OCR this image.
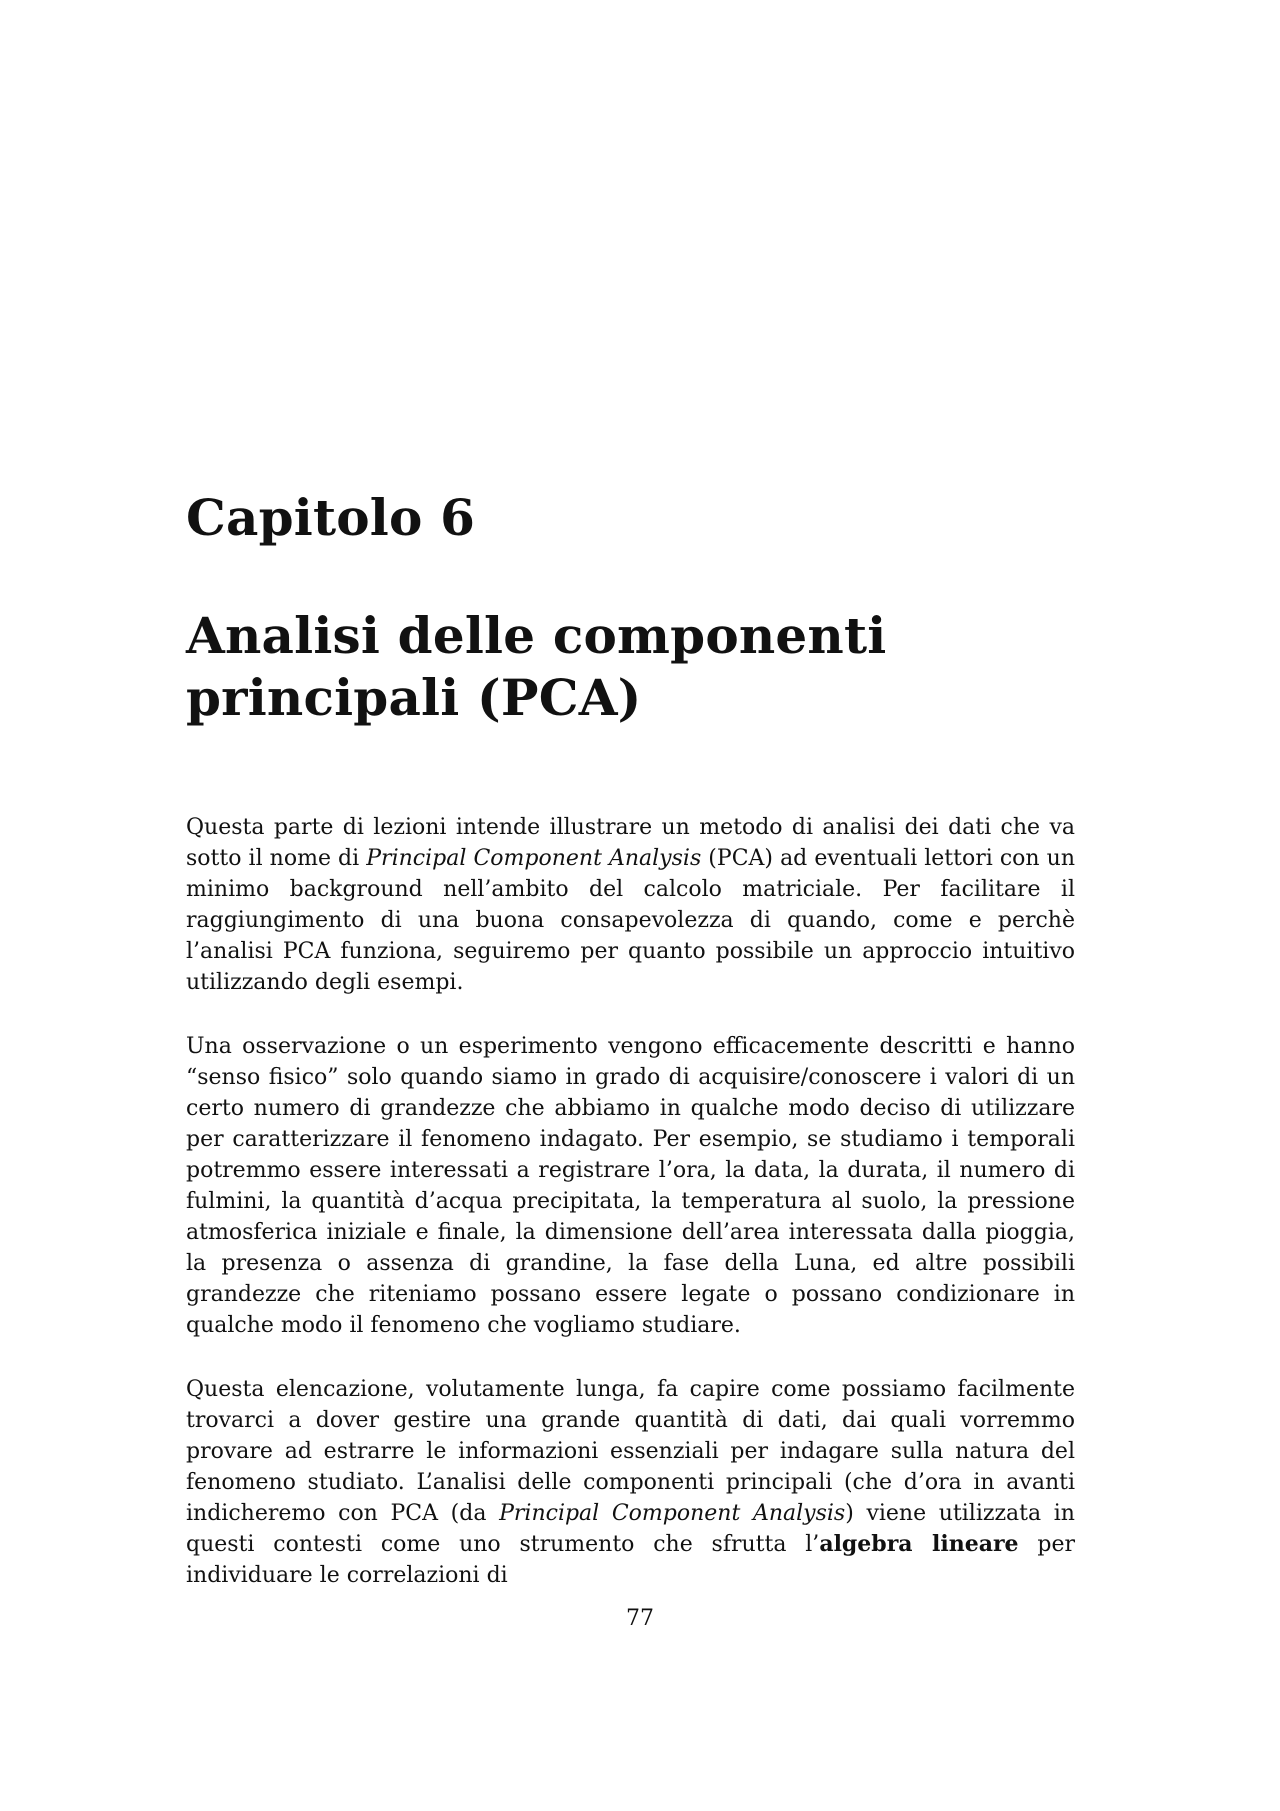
Capitolo 6
Analisi delle componenti principali (PCA)

Questa parte di lezioni intende illustrare un metodo di analisi dei dati che va sotto il nome di Principal Component Analysis (PCA) ad eventuali lettori con un minimo background nell’ambito del calcolo matriciale. Per facilitare il raggiungimento di una buona consapevolezza di quando, come e perchè l’analisi PCA funziona, seguiremo per quanto possibile un approccio intuitivo utilizzando degli esempi.

Una osservazione o un esperimento vengono efficacemente descritti e hanno “senso fisico” solo quando siamo in grado di acquisire/conoscere i valori di un certo numero di grandezze che abbiamo in qualche modo deciso di utilizzare per caratterizzare il fenomeno indagato. Per esempio, se studiamo i temporali potremmo essere interessati a registrare l’ora, la data, la durata, il numero di fulmini, la quantità d’acqua precipitata, la temperatura al suolo, la pressione atmosferica iniziale e finale, la dimensione dell’area interessata dalla pioggia, la presenza o assenza di grandine, la fase della Luna, ed altre possibili grandezze che riteniamo possano essere legate o possano condizionare in qualche modo il fenomeno che vogliamo studiare.

Questa elencazione, volutamente lunga, fa capire come possiamo facilmente trovarci a dover gestire una grande quantità di dati, dai quali vorremmo provare ad estrarre le informazioni essenziali per indagare sulla natura del fenomeno studiato. L’analisi delle componenti principali (che d’ora in avanti indicheremo con PCA (da Principal Component Analysis) viene utilizzata in questi contesti come uno strumento che sfrutta l’algebra lineare per individuare le correlazioni di

77
